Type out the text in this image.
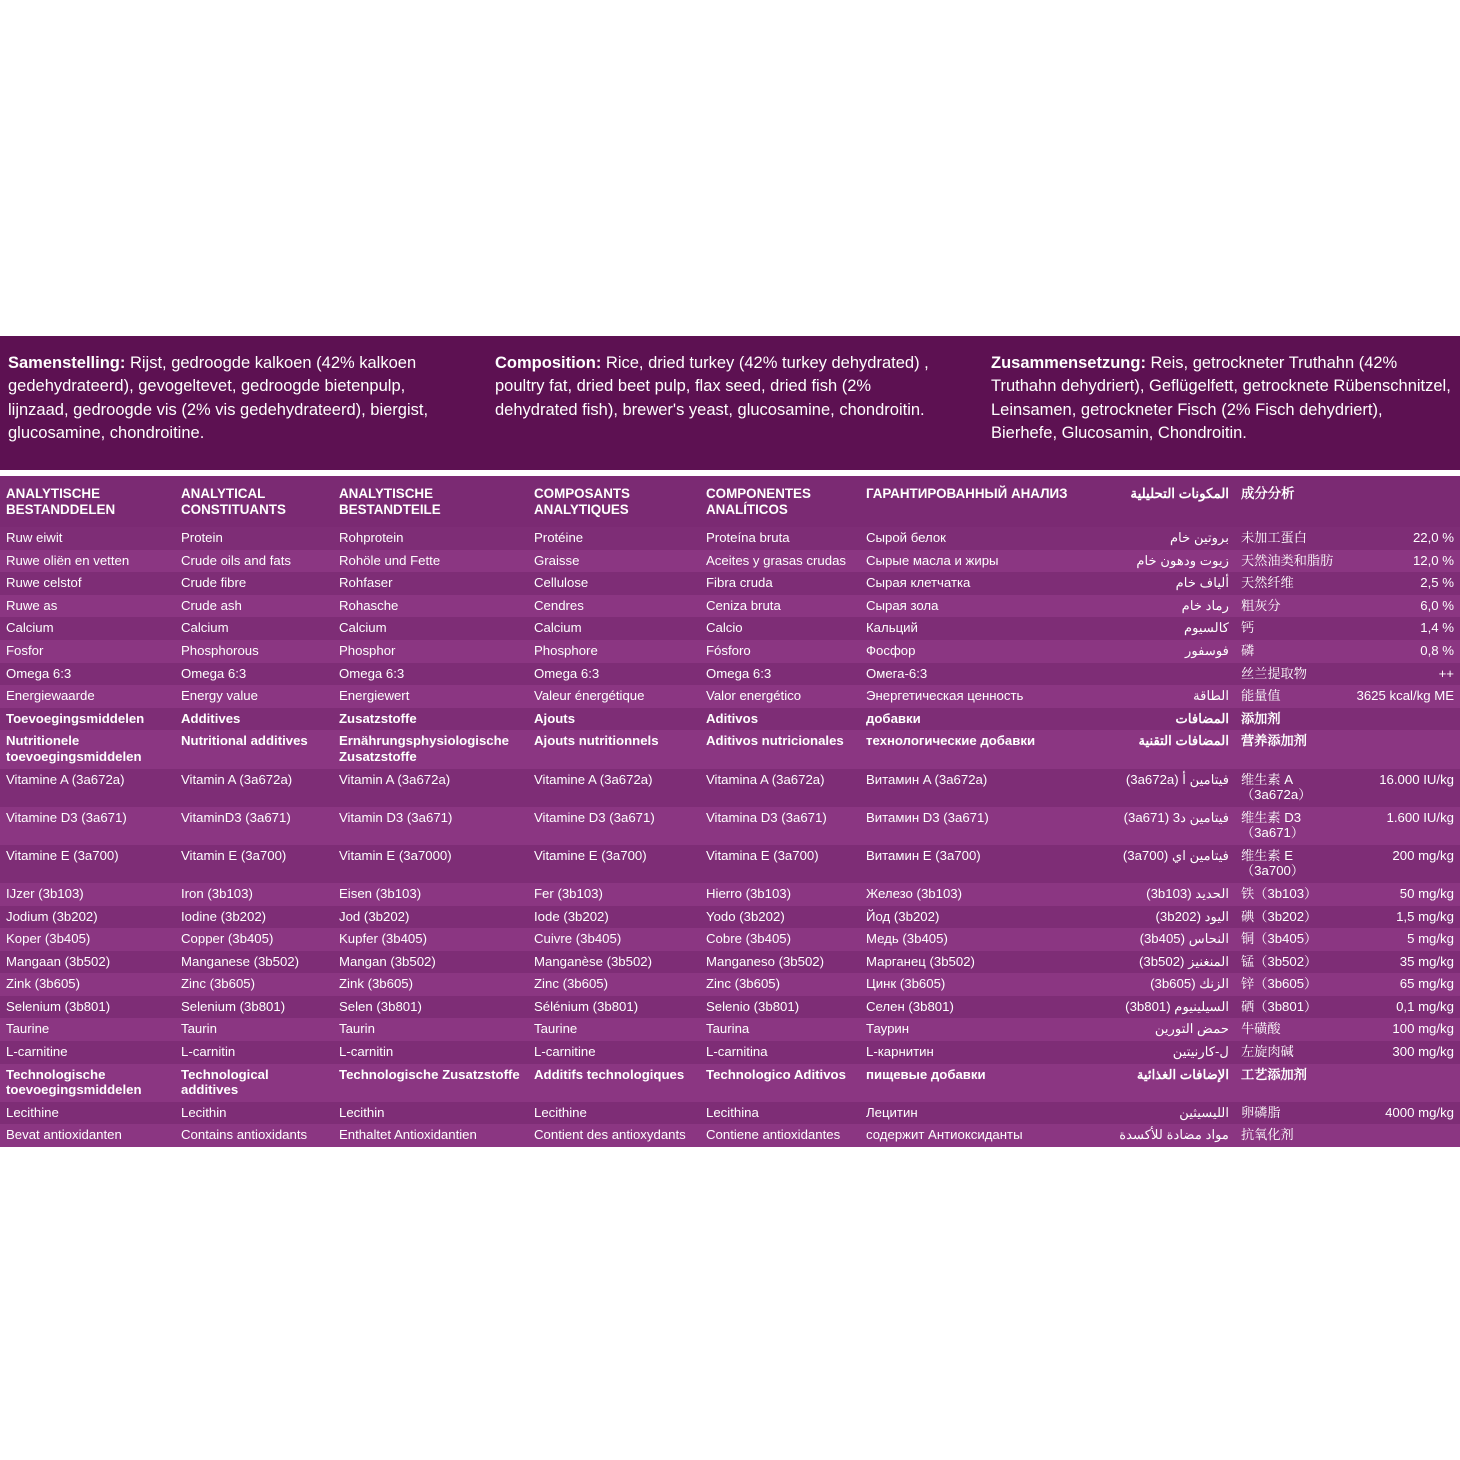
Samenstelling: Rijst, gedroogde kalkoen (42% kalkoen gedehydrateerd), gevogeltevet, gedroogde bietenpulp, lijnzaad, gedroogde vis (2% vis gedehydrateerd), biergist, glucosamine, chondroitine.
Composition: Rice, dried turkey (42% turkey dehydrated) , poultry fat, dried beet pulp, flax seed, dried fish (2% dehydrated fish), brewer's yeast, glucosamine, chondroitin.
Zusammensetzung: Reis, getrockneter Truthahn (42% Truthahn dehydriert), Geflügelfett, getrocknete Rübenschnitzel, Leinsamen, getrockneter Fisch (2% Fisch dehydriert), Bierhefe, Glucosamin, Chondroitin.
ANALYTISCHE BESTANDDELEN	ANALYTICAL CONSTITUANTS	ANALYTISCHE BESTANDTEILE	COMPOSANTS ANALYTIQUES	COMPONENTES ANALÍTICOS	ГАРАНТИРОВАННЫЙ АНАЛИЗ	المكونات التحليلية	成分分析	
Ruw eiwit	Protein	Rohprotein	Protéine	Proteína bruta	Сырой белок	بروتين خام	未加工蛋白	22,0 %
Ruwe oliën en vetten	Crude oils and fats	Rohöle und Fette	Graisse	Aceites y grasas crudas	Сырые масла и жиры	زيوت ودهون خام	天然油类和脂肪	12,0 %
Ruwe celstof	Crude fibre	Rohfaser	Cellulose	Fibra cruda	Сырая клетчатка	ألياف خام	天然纤维	2,5 %
Ruwe as	Crude ash	Rohasche	Cendres	Ceniza bruta	Сырая зола	رماد خام	粗灰分	6,0 %
Calcium	Calcium	Calcium	Calcium	Calcio	Кальций	كالسيوم	钙	1,4 %
Fosfor	Phosphorous	Phosphor	Phosphore	Fósforo	Фосфор	فوسفور	磷	0,8 %
Omega 6:3	Omega 6:3	Omega 6:3	Omega 6:3	Omega 6:3	Омега-6:3		丝兰提取物	++
Energiewaarde	Energy value	Energiewert	Valeur énergétique	Valor energético	Энергетическая ценность	الطاقة	能量值	3625 kcal/kg ME
Toevoegingsmiddelen	Additives	Zusatzstoffe	Ajouts	Aditivos	добавки	المضافات	添加剂	
Nutritionele toevoegingsmiddelen	Nutritional additives	Ernährungsphysiologische Zusatzstoffe	Ajouts nutritionnels	Aditivos nutricionales	технологические добавки	المضافات التقنية	营养添加剂	
Vitamine A (3a672a)	Vitamin A (3a672a)	Vitamin A (3a672a)	Vitamine A (3a672a)	Vitamina A (3a672a)	Витамин A (3a672a)	فيتامين أ (3a672a)	维生素 A（3a672a）	16.000 IU/kg
Vitamine D3 (3a671)	VitaminD3 (3a671)	Vitamin D3 (3a671)	Vitamine D3 (3a671)	Vitamina D3 (3a671)	Витамин D3 (3a671)	فيتامين د3 (3a671)	维生素 D3（3a671）	1.600 IU/kg
Vitamine E (3a700)	Vitamin E (3a700)	Vitamin E (3a7000)	Vitamine E (3a700)	Vitamina E (3a700)	Витамин E (3a700)	فيتامين اي (3a700)	维生素 E（3a700）	200 mg/kg
IJzer (3b103)	Iron (3b103)	Eisen (3b103)	Fer (3b103)	Hierro (3b103)	Железо (3b103)	الحديد (3b103)	铁（3b103）	50 mg/kg
Jodium (3b202)	Iodine (3b202)	Jod (3b202)	Iode (3b202)	Yodo (3b202)	Йод (3b202)	اليود (3b202)	碘（3b202）	1,5 mg/kg
Koper (3b405)	Copper (3b405)	Kupfer (3b405)	Cuivre (3b405)	Cobre (3b405)	Медь (3b405)	النحاس (3b405)	铜（3b405）	5 mg/kg
Mangaan (3b502)	Manganese (3b502)	Mangan (3b502)	Manganèse (3b502)	Manganeso (3b502)	Марганец (3b502)	المنغنيز (3b502)	锰（3b502）	35 mg/kg
Zink (3b605)	Zinc (3b605)	Zink (3b605)	Zinc (3b605)	Zinc (3b605)	Цинк (3b605)	الزنك (3b605)	锌（3b605）	65 mg/kg
Selenium (3b801)	Selenium (3b801)	Selen (3b801)	Sélénium (3b801)	Selenio (3b801)	Селен (3b801)	السيلينيوم (3b801)	硒（3b801）	0,1 mg/kg
Taurine	Taurin	Taurin	Taurine	Taurina	Таурин	حمض التورين	牛磺酸	100 mg/kg
L-carnitine	L-carnitin	L-carnitin	L-carnitine	L-carnitina	L-карнитин	ل-كارنيتين	左旋肉碱	300 mg/kg
Technologische toevoegingsmiddelen	Technological additives	Technologische Zusatzstoffe	Additifs technologiques	Technologico Aditivos	пищевые добавки	الإضافات الغذائية	工艺添加剂	
Lecithine	Lecithin	Lecithin	Lecithine	Lecithina	Лецитин	الليسيثين	卵磷脂	4000 mg/kg
Bevat antioxidanten	Contains antioxidants	Enthaltet Antioxidantien	Contient des antioxydants	Contiene antioxidantes	содержит Антиоксиданты	مواد مضادة للأكسدة	抗氧化剂	
